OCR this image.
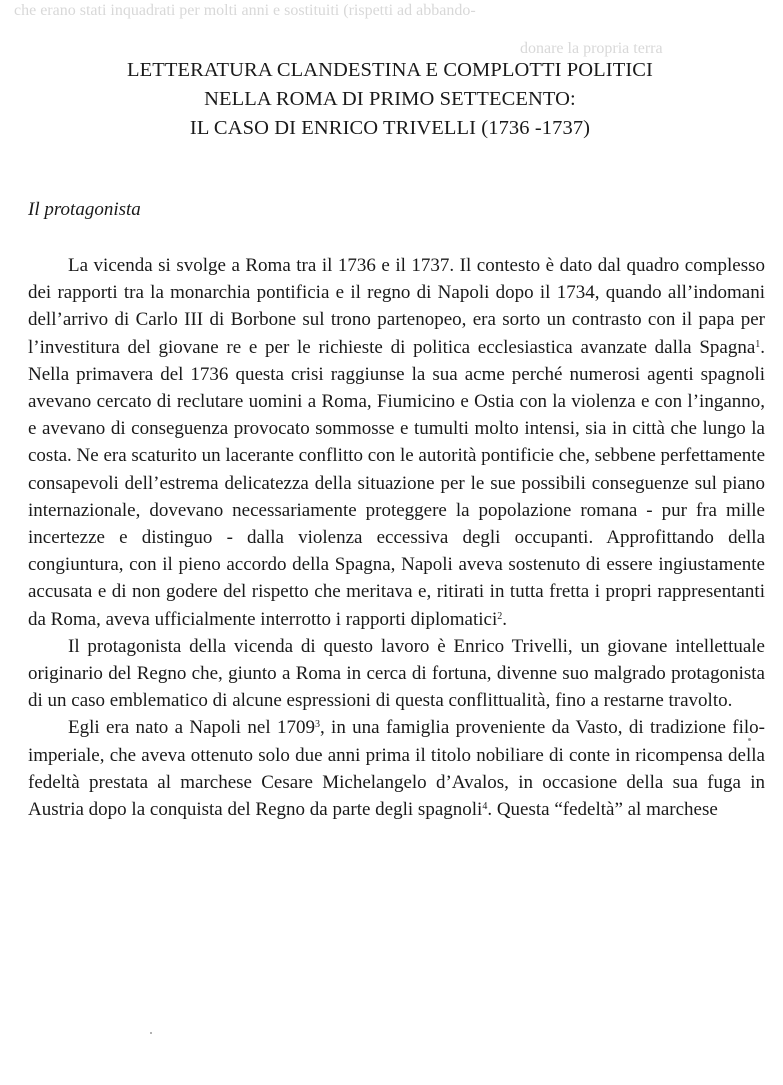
che erano stati inquadrati per molti anni e sostituiti (rispetti ad abbando-
donare la propria terra
LETTERATURA CLANDESTINA E COMPLOTTI POLITICI
NELLA ROMA DI PRIMO SETTECENTO:
IL CASO DI ENRICO TRIVELLI (1736 -1737)
Il protagonista

La vicenda si svolge a Roma tra il 1736 e il 1737. Il contesto è dato dal quadro complesso dei rapporti tra la monarchia pontificia e il regno di Napoli dopo il 1734, quando all’indomani dell’arrivo di Carlo III di Borbone sul trono partenopeo, era sorto un contrasto con il papa per l’investitura del giovane re e per le richieste di politica ecclesiastica avanzate dalla Spagna$^1$. Nella primavera del 1736 questa crisi raggiunse la sua acme perché numerosi agenti spagnoli avevano cercato di reclutare uomini a Roma, Fiumicino e Ostia con la violenza e con l’inganno, e avevano di conseguenza provocato sommosse e tumulti molto intensi, sia in città che lungo la costa. Ne era scaturito un lacerante conflitto con le autorità pontificie che, sebbene perfettamente consapevoli dell’estrema delicatezza della situazione per le sue possibili conseguenze sul piano internazionale, dovevano necessariamente proteggere la popolazione romana - pur fra mille incertezze e distinguo - dalla violenza eccessiva degli occupanti. Approfittando della congiuntura, con il pieno accordo della Spagna, Napoli aveva sostenuto di essere ingiustamente accusata e di non godere del rispetto che meritava e, ritirati in tutta fretta i propri rappresentanti da Roma, aveva ufficialmente interrotto i rapporti diplomatici$^2$.

Il protagonista della vicenda di questo lavoro è Enrico Trivelli, un giovane intellettuale originario del Regno che, giunto a Roma in cerca di fortuna, divenne suo malgrado protagonista di un caso emblematico di alcune espressioni di questa conflittualità, fino a restarne travolto.

Egli era nato a Napoli nel 1709$^3$, in una famiglia proveniente da Vasto, di tradizione filo-imperiale, che aveva ottenuto solo due anni prima il titolo nobiliare di conte in ricompensa della fedeltà prestata al marchese Cesare Michelangelo d’Avalos, in occasione della sua fuga in Austria dopo la conquista del Regno da parte degli spagnoli$^4$. Questa “fedeltà” al marchese
